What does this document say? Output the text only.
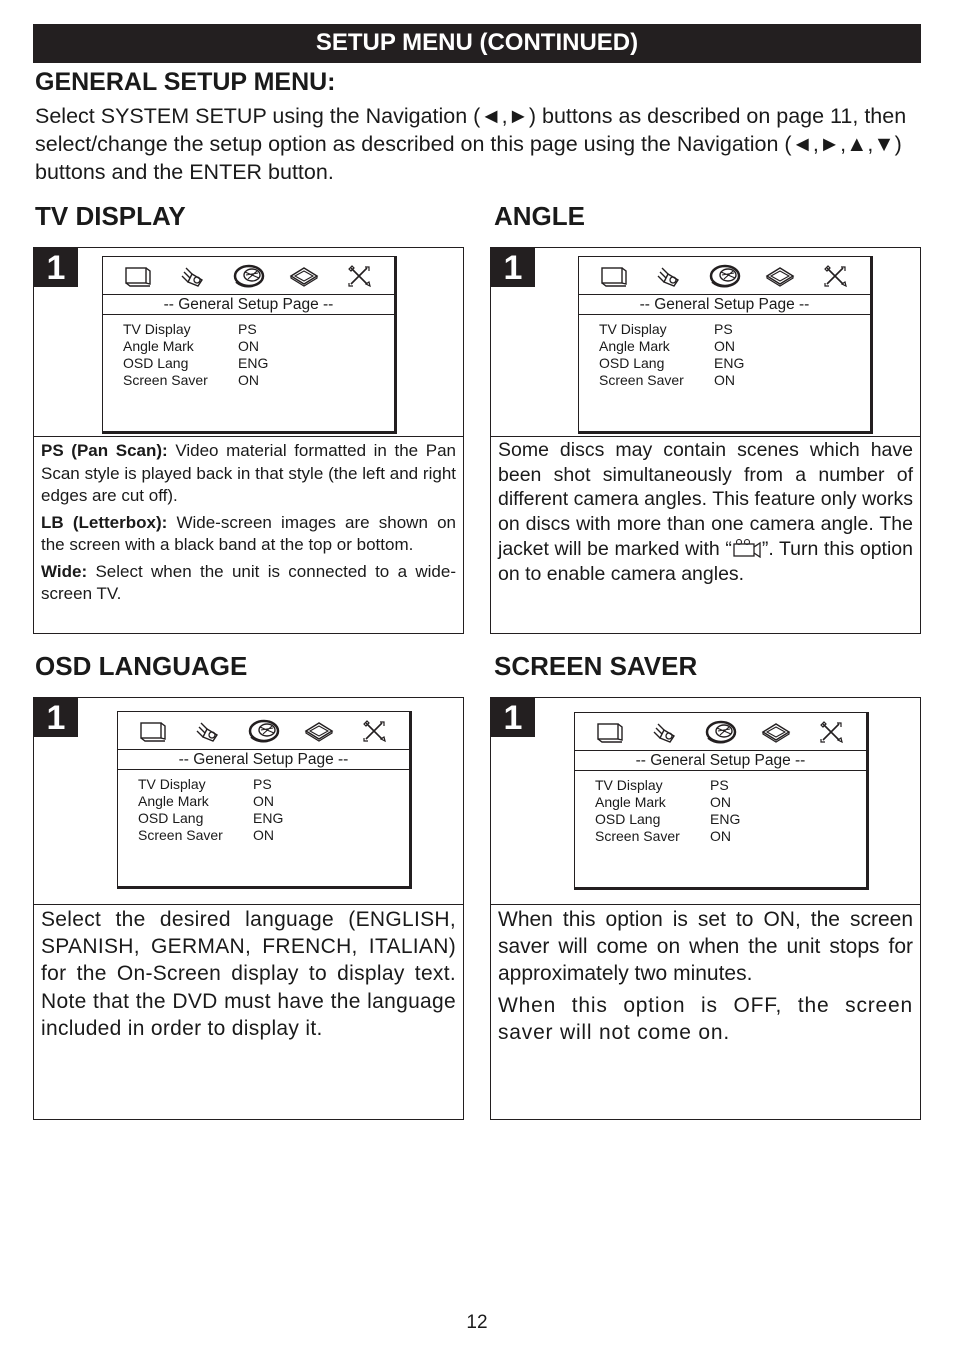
SETUP MENU (CONTINUED)
GENERAL SETUP MENU:
Select SYSTEM SETUP using the Navigation (◄,►) buttons as described on page 11, then select/change the setup option as described on this page using the Navigation (◄,►,▲,▼) buttons and the ENTER button.
TV DISPLAY
1
-- General Setup Page --
TV Display	PS
Angle Mark	ON
OSD Lang	ENG
Screen Saver	ON

PS (Pan Scan): Video material formatted in the Pan Scan style is played back in that style (the left and right edges are cut off).

LB (Letterbox): Wide-screen images are shown on the screen with a black band at the top or bottom.

Wide: Select when the unit is connected to a wide-screen TV.

ANGLE
1
-- General Setup Page --
TV Display	PS
Angle Mark	ON
OSD Lang	ENG
Screen Saver	ON

Some discs may contain scenes which have been shot simultaneously from a number of different camera angles. This feature only works on discs with more than one camera angle. The jacket will be marked with “ ”. Turn this option on to enable camera angles.

OSD LANGUAGE
1
-- General Setup Page --
TV Display	PS
Angle Mark	ON
OSD Lang	ENG
Screen Saver	ON

Select the desired language (ENGLISH, SPANISH, GERMAN, FRENCH, ITALIAN) for the On-Screen display to display text. Note that the DVD must have the language included in order to display it.

SCREEN SAVER
1
-- General Setup Page --
TV Display	PS
Angle Mark	ON
OSD Lang	ENG
Screen Saver	ON

When this option is set to ON, the screen saver will come on when the unit stops for approximately two minutes.

When this option is OFF, the screen saver will not come on.

12
